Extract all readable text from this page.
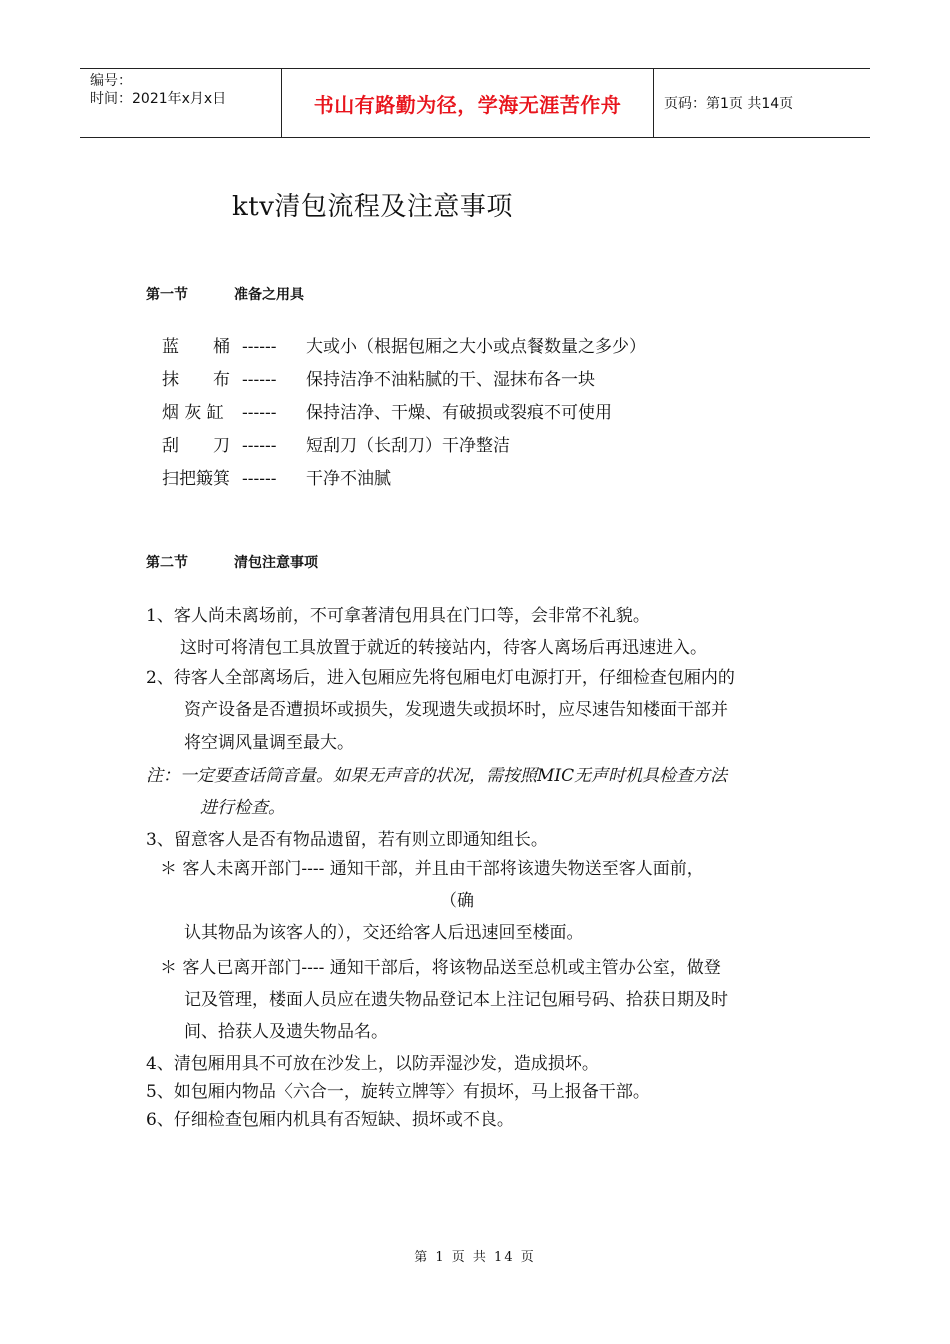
编号：
时间：2021年x月x日	书山有路勤为径，学海无涯苦作舟	页码：第1页 共14页
ktv清包流程及注意事项
第一节	准备之用具
蓝　　桶 ------ 大或小（根据包厢之大小或点餐数量之多少）
抹　　布 ------ 保持洁净不油粘腻的干、湿抹布各一块
烟 灰 缸 ------ 保持洁净、干燥、有破损或裂痕不可使用
刮　　刀 ------ 短刮刀（长刮刀）干净整洁
扫把簸箕 ------ 干净不油腻
第二节	清包注意事项
1、客人尚未离场前，不可拿著清包用具在门口等，会非常不礼貌。
这时可将清包工具放置于就近的转接站内，待客人离场后再迅速进入。
2、待客人全部离场后，进入包厢应先将包厢电灯电源打开，仔细检查包厢内的
资产设备是否遭损坏或损失，发现遗失或损坏时，应尽速告知楼面干部并
将空调风量调至最大。
注：一定要查话筒音量。如果无声音的状况，需按照MIC无声时机具检查方法
进行检查。
3、留意客人是否有物品遗留，若有则立即通知组长。
＊ 客人未离开部门---- 通知干部，并且由干部将该遗失物送至客人面前，
（确
认其物品为该客人的），交还给客人后迅速回至楼面。
＊ 客人已离开部门---- 通知干部后，将该物品送至总机或主管办公室，做登
记及管理，楼面人员应在遗失物品登记本上注记包厢号码、拾获日期及时
间、拾获人及遗失物品名。
4、清包厢用具不可放在沙发上，以防弄湿沙发，造成损坏。
5、如包厢内物品〈六合一，旋转立牌等〉有损坏，马上报备干部。
6、仔细检查包厢内机具有否短缺、损坏或不良。
第 1 页 共 14 页
